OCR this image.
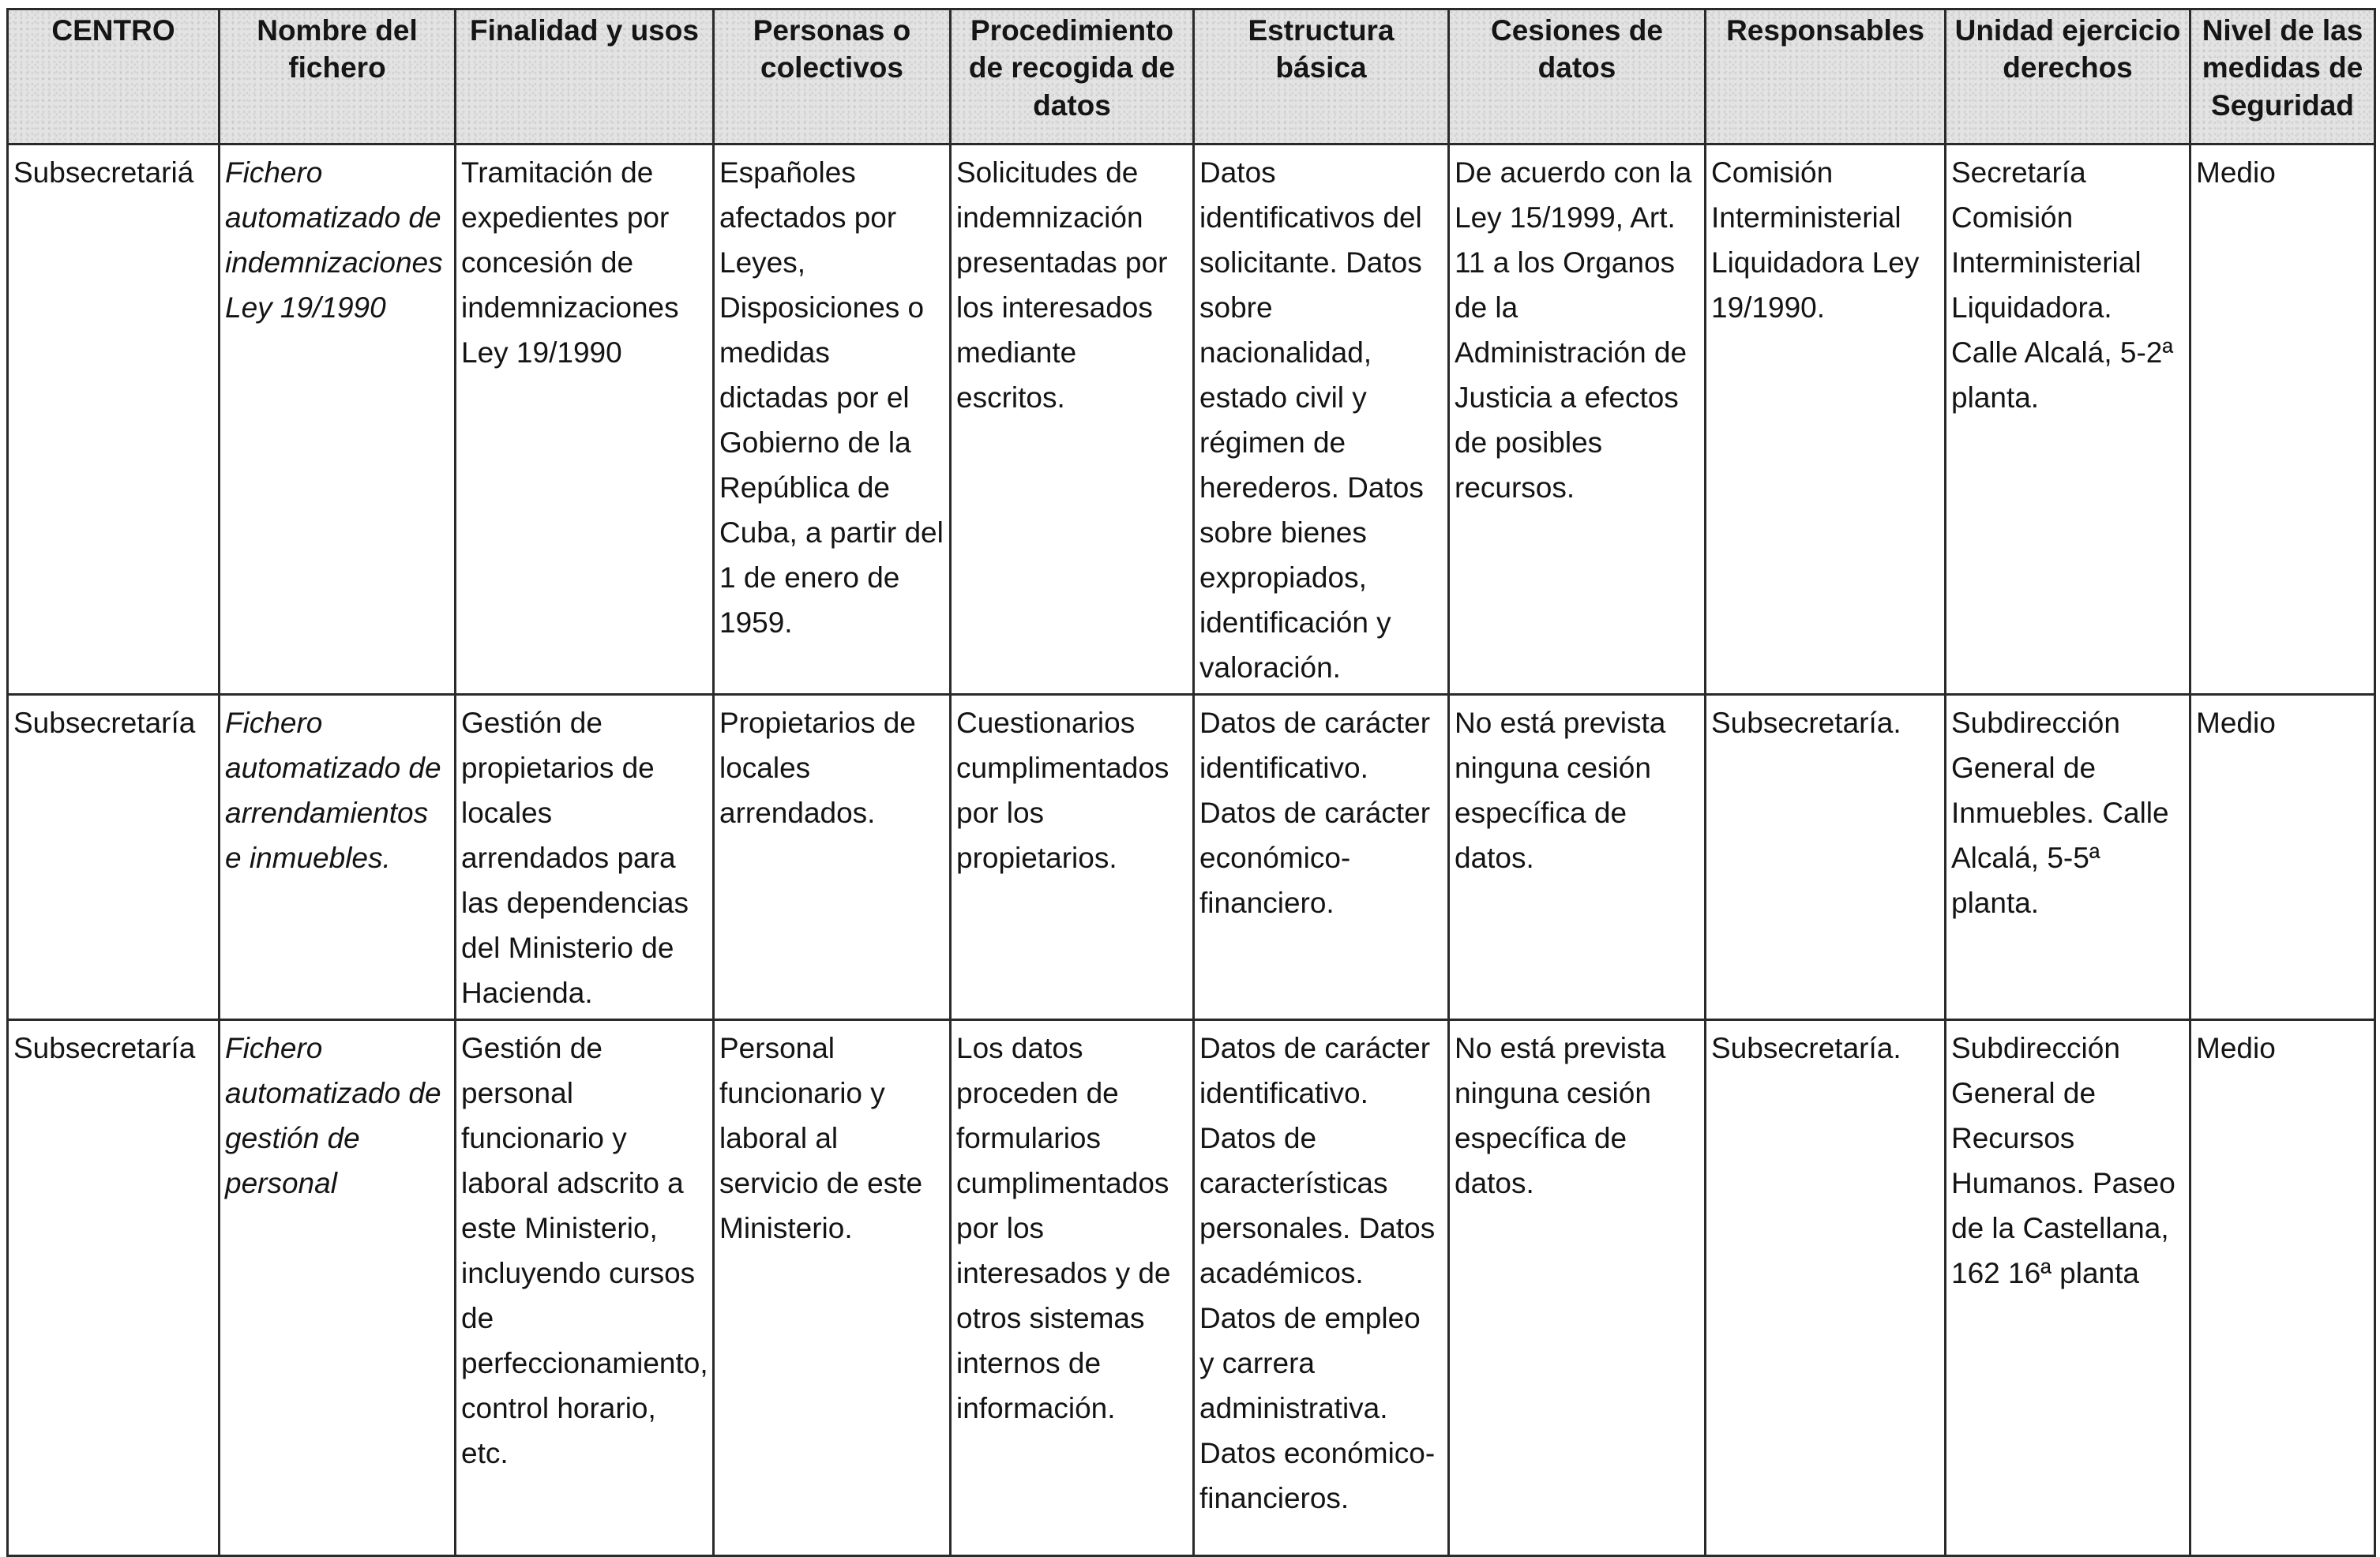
CENTRO	Nombre del fichero	Finalidad y usos	Personas o colectivos	Procedimiento de recogida de datos	Estructura básica	Cesiones de datos	Responsables	Unidad ejercicio derechos	Nivel de las medidas de Seguridad
Subsecretariá	Fichero automatizado de indemnizaciones Ley 19/1990	Tramitación de expedientes por concesión de indemnizaciones Ley 19/1990	Españoles afectados por Leyes, Disposiciones o medidas dictadas por el Gobierno de la República de Cuba, a partir del 1 de enero de 1959.	Solicitudes de indemnización presentadas por los interesados mediante escritos.	Datos identificativos del solicitante. Datos sobre nacionalidad, estado civil y régimen de herederos. Datos sobre bienes expropiados, identificación y valoración.	De acuerdo con la Ley 15/1999, Art. 11 a los Organos de la Administración de Justicia a efectos de posibles recursos.	Comisión Interministerial Liquidadora Ley 19/1990.	Secretaría Comisión Interministerial Liquidadora. Calle Alcalá, 5-2ª planta.	Medio
Subsecretaría	Fichero automatizado de arrendamientos e inmuebles.	Gestión de propietarios de locales arrendados para las dependencias del Ministerio de Hacienda.	Propietarios de locales arrendados.	Cuestionarios cumplimentados por los propietarios.	Datos de carácter identificativo. Datos de carácter económico-financiero.	No está prevista ninguna cesión específica de datos.	Subsecretaría.	Subdirección General de Inmuebles. Calle Alcalá, 5-5ª planta.	Medio
Subsecretaría	Fichero automatizado de gestión de personal	Gestión de personal funcionario y laboral adscrito a este Ministerio, incluyendo cursos de perfeccionamiento, control horario, etc.	Personal funcionario y laboral al servicio de este Ministerio.	Los datos proceden de formularios cumplimentados por los interesados y de otros sistemas internos de información.	Datos de carácter identificativo. Datos de características personales. Datos académicos. Datos de empleo y carrera administrativa. Datos económico-financieros.	No está prevista ninguna cesión específica de datos.	Subsecretaría.	Subdirección General de Recursos Humanos. Paseo de la Castellana, 162 16ª planta	Medio
